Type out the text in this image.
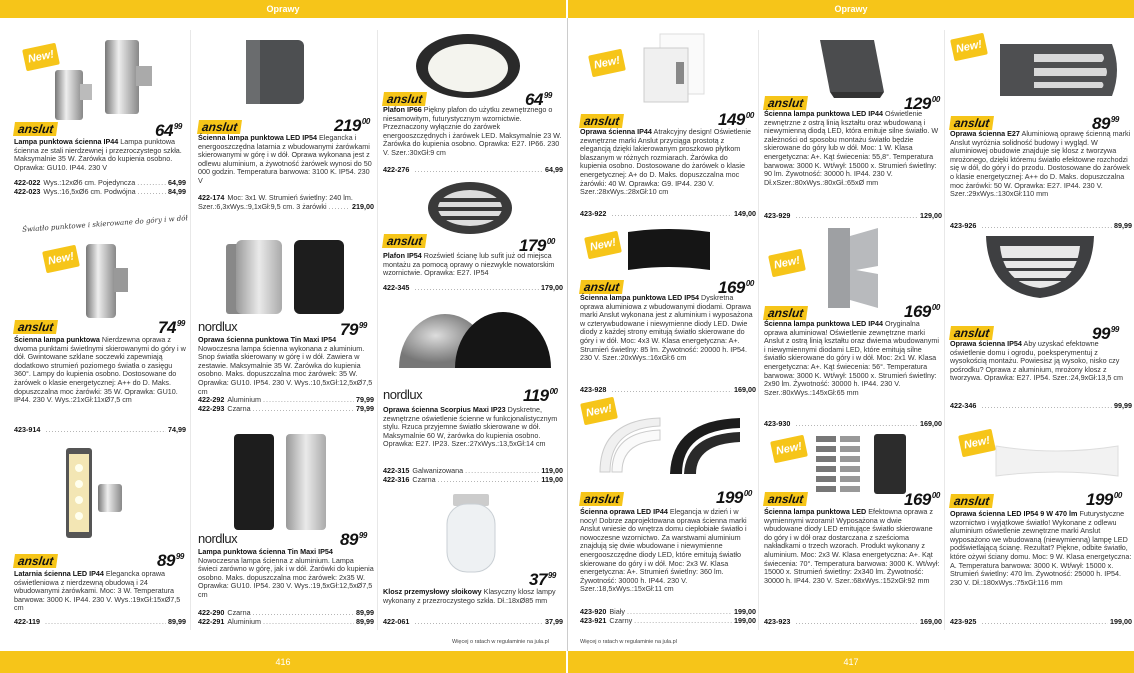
Oprawy	Oprawy
New!
anslut	$64^{99}$
Lampa punktowa ścienna IP44 Lampa punktowa ścienna ze stali nierdzewnej i przezroczystego szkła. Maksymalnie 35 W. Żarówka do kupienia osobno. Oprawka: GU10. IP44. 230 V
422-022 Wys.:12xØ6 cm. Pojedyncza .....	64,99
422-023 Wys.:16,5xØ6 cm. Podwójna .....	84,99
Światło punktowe i skierowane do góry i w dół
New!
anslut	$74^{99}$
Ścienna lampa punktowa Nierdzewna oprawa z dwoma punktami świetlnymi skierowanymi do góry i w dół. Gwintowane szklane soczewki zapewniają dodatkowo strumień poziomego światła o zasięgu 360°. Lampy do kupienia osobno. Dostosowane do żarówek o klasie energetycznej: A++ do D. Maks. dopuszczalna moc żarówki: 35 W. Oprawka: GU10. IP44. 230 V. Wys.:21xGł:11xØ7,5 cm
423-914 .....	74,99
anslut	$89^{99}$
Latarnia ścienna LED IP44 Elegancka oprawa oświetleniowa z nierdzewną obudową i 24 wbudowanymi żarówkami. Moc: 3 W. Temperatura barwowa: 3000 K. IP44. 230 V. Wys.:19xGł:15xØ7,5 cm
422-119 .....	89,99
anslut	$219^{00}$
Ścienna lampa punktowa LED IP54 Elegancka i energooszczędna latarnia z wbudowanymi żarówkami skierowanymi w górę i w dół. Oprawa wykonana jest z odlewu aluminium, a żywotność żarówek wynosi do 50 000 godzin. Temperatura barwowa: 3100 K. IP54. 230 V
422-174 Moc: 3x1 W. Strumień świetlny: 240 lm.
Szer.:6,3xWys.:9,1xGł:9,5 cm. 3 żarówki .....	219,00
nordlux	$79^{99}$
Oprawa ścienna punktowa Tin Maxi IP54
Nowoczesna lampa ścienna wykonana z aluminium. Snop światła skierowany w górę i w dół. Zawiera w zestawie. Maksymalnie 35 W. Żarówka do kupienia osobno. Maks. dopuszczalna moc żarówek: 35 W. Oprawka: GU10. IP54. 230 V. Wys.:10,5xGł:12,5xØ7,5 cm
422-292 Aluminium .....	79,99
422-293 Czarna .....	79,99
nordlux	$89^{99}$
Lampa punktowa ścienna Tin Maxi IP54
Nowoczesna lampa ścienna z aluminium. Lampa świeci zarówno w górę, jak i w dół. Żarówki do kupienia osobno. Maks. dopuszczalna moc żarówek: 2x35 W. Oprawka: GU10. IP54. 230 V. Wys.:19,5xGł:12,5xØ7,5 cm
422-290 Czarna .....	89,99
422-291 Aluminium .....	89,99
anslut	$64^{99}$
Plafon IP66 Piękny plafon do użytku zewnętrznego o niesamowitym, futurystycznym wzornictwie. Przeznaczony wyłącznie do żarówek energooszczędnych i żarówek LED. Maksymalnie 23 W. Żarówka do kupienia osobno. Oprawka: E27. IP66. 230 V. Szer.:30xGł:9 cm
422-276 .....	64,99
anslut	$179^{00}$
Plafon IP54 Rozświetl ścianę lub sufit już od miejsca montażu za pomocą oprawy o niezwykle nowatorskim wzornictwie. Oprawka: E27. IP54
422-345 .....	179,00
nordlux	$119^{00}$
Oprawa ścienna Scorpius Maxi IP23 Dyskretne, zewnętrzne oświetlenie ścienne w funkcjonalistycznym stylu. Rzuca przyjemne światło skierowane w dół. Maksymalnie 60 W, żarówka do kupienia osobno. Oprawka: E27. IP23. Szer.:27xWys.:13,5xGł:14 cm
422-315 Galwanizowana .....	119,00
422-316 Czarna .....	119,00
$37^{99}$
Klosz przemysłowy słoikowy Klasyczny klosz lampy wykonany z przezroczystego szkła. Dł.:18xØ85 mm
422-061 .....	37,99
Więcej o ratach w regulaminie na jula.pl	Więcej o ratach w regulaminie na jula.pl
New!
anslut	$149^{00}$
Oprawa ścienna IP44 Atrakcyjny design! Oświetlenie zewnętrzne marki Anslut przyciąga prostotą z elegancją dzięki lakierowanym proszkowo płytkom blaszanym w różnych rozmiarach. Żarówka do kupienia osobno. Dostosowane do żarówek o klasie energetycznej: A+ do D. Maks. dopuszczalna moc żarówki: 40 W. Oprawka: G9. IP44. 230 V. Szer.:28xWys.:28xGł:10 cm
423-922 .....	149,00
New!
anslut	$169^{00}$
Ścienna lampa punktowa LED IP54 Dyskretna oprawa aluminiowa z wbudowanymi diodami. Oprawa marki Anslut wykonana jest z aluminium i wyposażona w czterywbudowane i niewymienne diody LED. Dwie diody z każdej strony emitują światło skierowane do góry i w dół. Moc: 4x3 W. Klasa energetyczna: A+. Strumień świetlny: 85 lm. Żywotność: 20000 h. IP54. 230 V. Szer.:20xWys.:16xGł:6 cm
423-928 .....	169,00
New!
anslut	$199^{00}$
Ścienna oprawa LED IP44 Elegancja w dzień i w nocy! Dobrze zaprojektowana oprawa ścienna marki Anslut wniesie do wnętrza domu ciepłobiałe światło i nowoczesne wzornictwo. Za warstwami aluminium znajdują się dwie wbudowane i niewymienne energooszczędne diody LED, które emitują światło skierowane do góry i w dół. Moc: 2x3 W. Klasa energetyczna: A+. Strumień świetlny: 360 lm. Żywotność: 30000 h. IP44. 230 V. Szer.:18,5xWys.:15xGł:11 cm
423-920 Biały .....	199,00
423-921 Czarny .....	199,00
anslut	$129^{00}$
Ścienna lampa punktowa LED IP44 Oświetlenie zewnętrzne z ostrą linią kształtu oraz wbudowaną i niewymienną diodą LED, która emituje silne światło. W zależności od sposobu montażu światło będzie skierowane do góry lub w dół. Moc: 1 W. Klasa energetyczna: A+. Kąt świecenia: 55,8°. Temperatura barwowa: 3000 K. Wt/wył: 15000 x. Strumień świetlny: 90 lm. Żywotność: 30000 h. IP44. 230 V. Dł.xSzer.:80xWys.:80xGł.:65xØ mm
423-929 .....	129,00
New!
anslut	$169^{00}$
Ścienna lampa punktowa LED IP44 Oryginalna oprawa aluminiowa! Oświetlenie zewnętrzne marki Anslut z ostrą linią kształtu oraz dwiema wbudowanymi i niewymiennymi diodami LED, które emitują silne światło skierowane do góry i w dół. Moc: 2x1 W. Klasa energetyczna: A+. Kąt świecenia: 56°. Temperatura barwowa: 3000 K. Wt/wył: 15000 x. Strumień świetlny: 2x90 lm. Żywotność: 30000 h. IP44. 230 V. Szer.:80xWys.:145xGł:65 mm
423-930 .....	169,00
New!
anslut	$169^{00}$
Ścienna lampa punktowa LED Efektowna oprawa z wymiennymi wzorami! Wyposażona w dwie wbudowane diody LED emitujące światło skierowane do góry i w dół oraz dostarczana z sześcioma nakładkami o trzech wzorach. Produkt wykonany z aluminium. Moc: 2x3 W. Klasa energetyczna: A+. Kąt świecenia: 70°. Temperatura barwowa: 3000 K. Wt/wył: 15000 x. Strumień świetlny: 2x340 lm. Żywotność: 30000 h. IP44. 230 V. Szer.:68xWys.:152xGł:92 mm
423-923 .....	169,00
New!
anslut	$89^{99}$
Oprawa ścienna E27 Aluminiową oprawę ścienną marki Anslut wyróżnia solidność budowy i wygląd. W aluminiowej obudowie znajduje się klosz z tworzywa mrożonego, dzięki któremu światło efektowne rozchodzi się w dół, do góry i do przodu. Dostosowane do żarówek o klasie energetycznej: A++ do D. Maks. dopuszczalna moc żarówki: 50 W. Oprawka: E27. IP44. 230 V. Szer.:29xWys.:130xGł:110 mm
423-926 .....	89,99
anslut	$99^{99}$
Oprawa ścienna IP54 Aby uzyskać efektowne oświetlenie domu i ogrodu, poeksperymentuj z wysokością montażu. Powiesisz ją wysoko, nisko czy pośrodku? Oprawa z aluminium, mrożony klosz z tworzywa. Oprawka: E27. IP54. Szer.:24,9xGł:13,5 cm
422-346 .....	99,99
New!
anslut	$199^{00}$
Oprawa ścienna LED IP54 9 W 470 lm Futurystyczne wzornictwo i wyjątkowe światło! Wykonane z odlewu aluminium oświetlenie zewnętrzne marki Anslut wyposażono we wbudowaną (niewymienną) lampę LED podświetlającą ścianę. Rezultat? Piękne, odbite światło, które ożywi ściany domu. Moc: 9 W. Klasa energetyczna: A. Temperatura barwowa: 3000 K. Wt/wył: 15000 x. Strumień świetlny: 470 lm. Żywotność: 25000 h. IP54. 230 V. Dł.:180xWys.:75xGł:116 mm
423-925 .....	199,00
416	417
